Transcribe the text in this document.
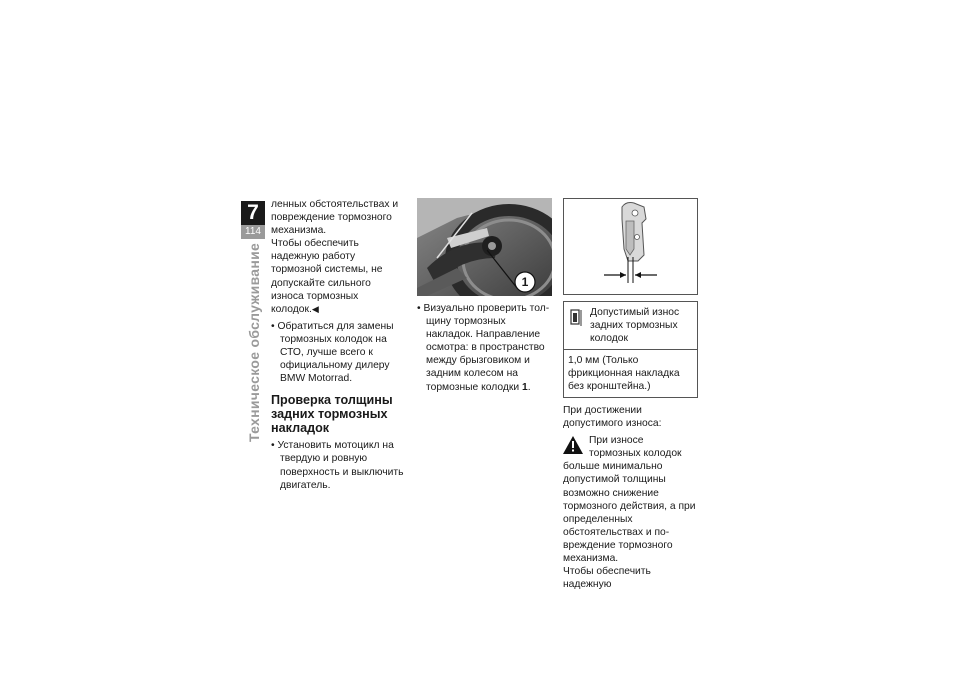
7
114
Техническое обслуживание

ленных обстоятельствах и повреждение тормозного механизма.

Чтобы обеспечить надежную работу тормозной системы, не допускайте сильного износа тормозных колодок.◀

• Обратиться для замены тормозных колодок на СТО, лучше всего к официальному дилеру BMW Motorrad.

Проверка толщины задних тормозных накладок

• Установить мотоцикл на твердую и ровную поверхность и выключить двигатель.

1

• Визуально проверить толщину тормозных накладок. Направление осмотра: в пространство между брызговиком и задним колесом на тормозные колодки 1.

Допустимый износ задних тормозных колодок
1,0 мм (Только фрикционная накладка без кронштейна.)

При достижении допустимого износа:

При износе тормозных колодок больше минимально допустимой толщины возможно снижение тормозного действия, а при определенных обстоятельствах и повреждение тормозного механизма.

Чтобы обеспечить надежную
